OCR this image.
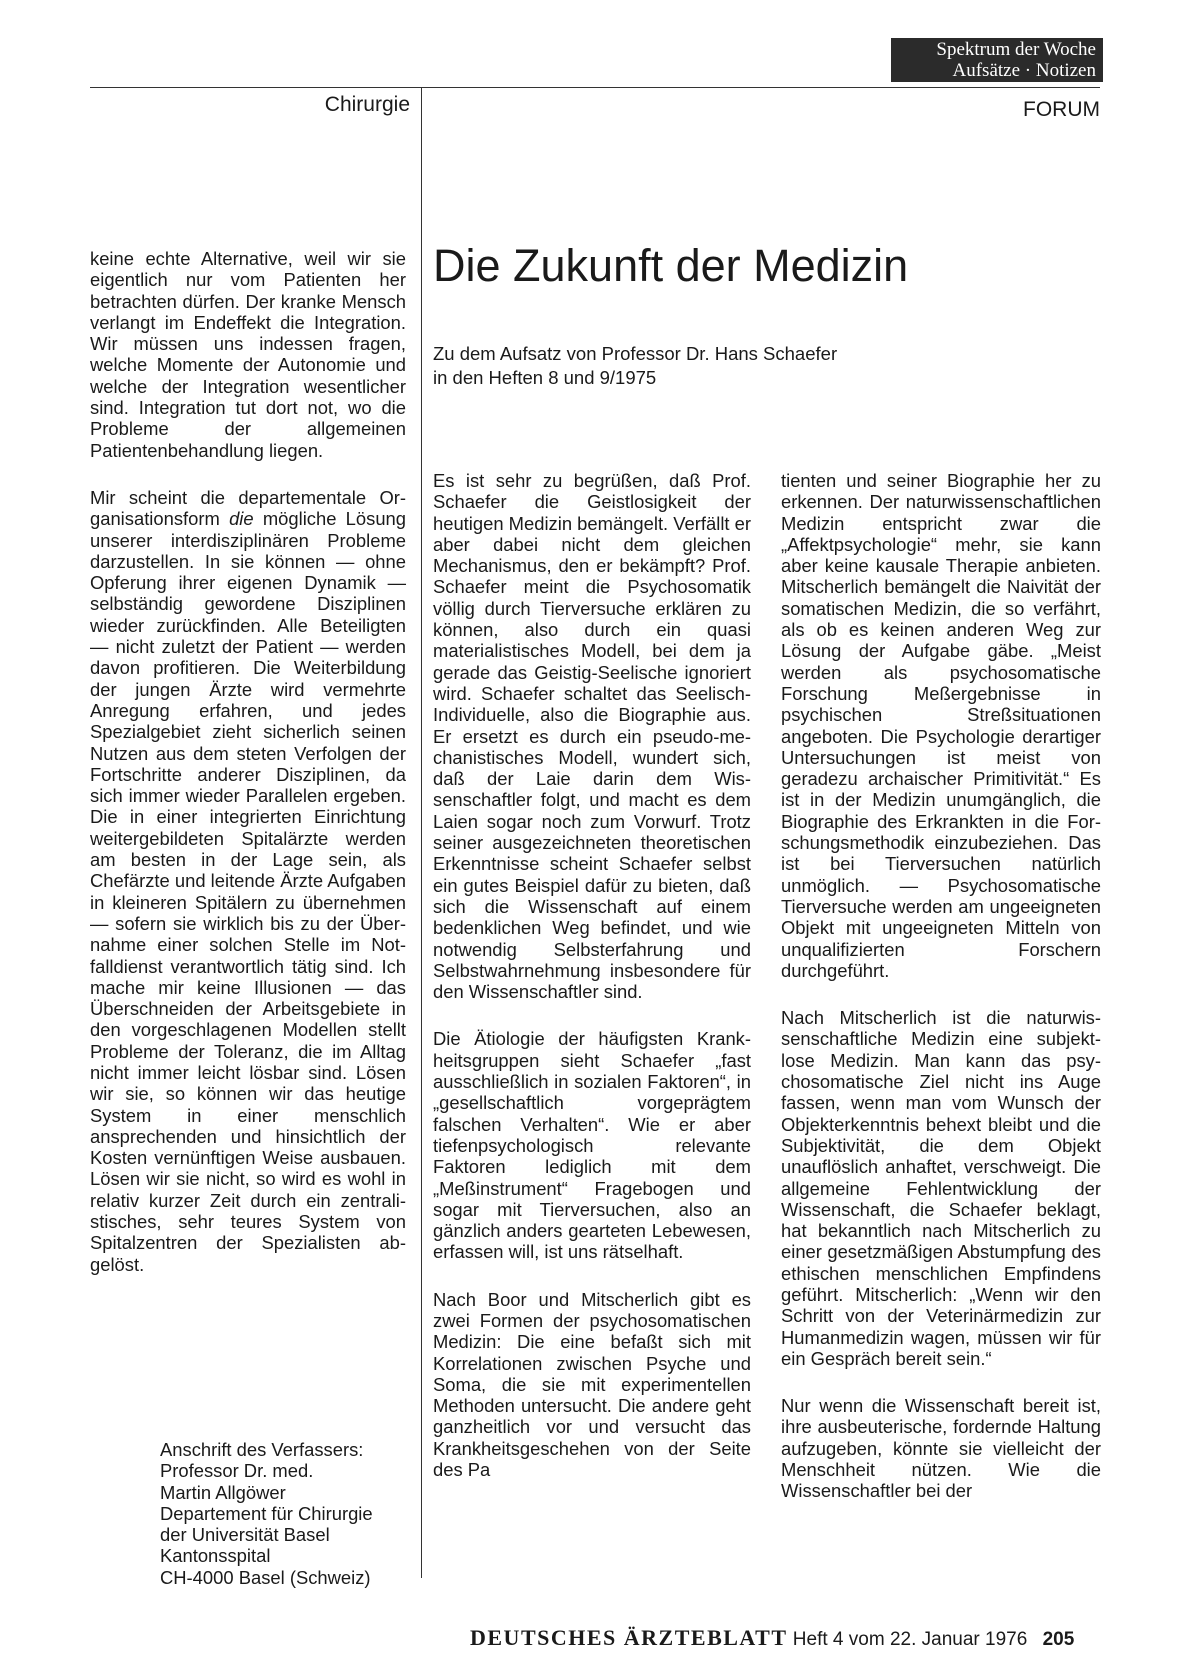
Spektrum der Woche
Aufsätze · Notizen
Chirurgie	FORUM
Die Zukunft der Medizin
Zu dem Aufsatz von Professor Dr. Hans Schaefer
in den Heften 8 und 9/1975

keine echte Alternative, weil wir sie eigentlich nur vom Patienten her betrachten dürfen. Der kranke Mensch verlangt im Endeffekt die Integration. Wir müssen uns indessen fragen, welche Momente der Autonomie und welche der Integration wesentlicher sind. Integration tut dort not, wo die Probleme der allgemeinen Patientenbehandlung liegen.

Mir scheint die departementale Organisationsform die mögliche Lösung unserer interdisziplinären Probleme darzustellen. In sie können — ohne Opferung ihrer eigenen Dynamik — selbständig gewordene Disziplinen wieder zurückfinden. Alle Beteiligten — nicht zuletzt der Patient — werden davon profitieren. Die Weiterbildung der jungen Ärzte wird vermehrte Anregung erfahren, und jedes Spezialgebiet zieht sicherlich seinen Nutzen aus dem steten Verfolgen der Fortschritte anderer Disziplinen, da sich immer wieder Parallelen ergeben. Die in einer integrierten Einrichtung weitergebildeten Spitalärzte werden am besten in der Lage sein, als Chefärzte und leitende Ärzte Aufgaben in kleineren Spitälern zu übernehmen — sofern sie wirklich bis zu der Übernahme einer solchen Stelle im Notfalldienst verantwortlich tätig sind. Ich mache mir keine Illusionen — das Überschneiden der Arbeitsgebiete in den vorgeschlagenen Modellen stellt Probleme der Toleranz, die im Alltag nicht immer leicht lösbar sind. Lösen wir sie, so können wir das heutige System in einer menschlich ansprechenden und hinsichtlich der Kosten vernünftigen Weise ausbauen. Lösen wir sie nicht, so wird es wohl in relativ kurzer Zeit durch ein zentralistisches, sehr teures System von Spitalzentren der Spezialisten abgelöst.

Anschrift des Verfassers:
Professor Dr. med.
Martin Allgöwer
Departement für Chirurgie
der Universität Basel
Kantonsspital
CH-4000 Basel (Schweiz)

Es ist sehr zu begrüßen, daß Prof. Schaefer die Geistlosigkeit der heutigen Medizin bemängelt. Verfällt er aber dabei nicht dem gleichen Mechanismus, den er bekämpft? Prof. Schaefer meint die Psychosomatik völlig durch Tierversuche erklären zu können, also durch ein quasi materialistisches Modell, bei dem ja gerade das Geistig-Seelische ignoriert wird. Schaefer schaltet das Seelisch-Individuelle, also die Biographie aus. Er ersetzt es durch ein pseudo-mechanistisches Modell, wundert sich, daß der Laie darin dem Wissenschaftler folgt, und macht es dem Laien sogar noch zum Vorwurf. Trotz seiner ausgezeichneten theoretischen Erkenntnisse scheint Schaefer selbst ein gutes Beispiel dafür zu bieten, daß sich die Wissenschaft auf einem bedenklichen Weg befindet, und wie notwendig Selbsterfahrung und Selbstwahrnehmung insbesondere für den Wissenschaftler sind.

Die Ätiologie der häufigsten Krankheitsgruppen sieht Schaefer „fast ausschließlich in sozialen Faktoren“, in „gesellschaftlich vorgeprägtem falschen Verhalten“. Wie er aber tiefenpsychologisch relevante Faktoren lediglich mit dem „Meßinstrument“ Fragebogen und sogar mit Tierversuchen, also an gänzlich anders gearteten Lebewesen, erfassen will, ist uns rätselhaft.

Nach Boor und Mitscherlich gibt es zwei Formen der psychosomatischen Medizin: Die eine befaßt sich mit Korrelationen zwischen Psyche und Soma, die sie mit experimentellen Methoden untersucht. Die andere geht ganzheitlich vor und versucht das Krankheitsgeschehen von der Seite des Pa

tienten und seiner Biographie her zu erkennen. Der naturwissenschaftlichen Medizin entspricht zwar die „Affektpsychologie“ mehr, sie kann aber keine kausale Therapie anbieten. Mitscherlich bemängelt die Naivität der somatischen Medizin, die so verfährt, als ob es keinen anderen Weg zur Lösung der Aufgabe gäbe. „Meist werden als psychosomatische Forschung Meßergebnisse in psychischen Streßsituationen angeboten. Die Psychologie derartiger Untersuchungen ist meist von geradezu archaischer Primitivität.“ Es ist in der Medizin unumgänglich, die Biographie des Erkrankten in die Forschungsmethodik einzubeziehen. Das ist bei Tierversuchen natürlich unmöglich. — Psychosomatische Tierversuche werden am ungeeigneten Objekt mit ungeeigneten Mitteln von unqualifizierten Forschern durchgeführt.

Nach Mitscherlich ist die naturwissenschaftliche Medizin eine subjektlose Medizin. Man kann das psychosomatische Ziel nicht ins Auge fassen, wenn man vom Wunsch der Objekterkenntnis behext bleibt und die Subjektivität, die dem Objekt unauflöslich anhaftet, verschweigt. Die allgemeine Fehlentwicklung der Wissenschaft, die Schaefer beklagt, hat bekanntlich nach Mitscherlich zu einer gesetzmäßigen Abstumpfung des ethischen menschlichen Empfindens geführt. Mitscherlich: „Wenn wir den Schritt von der Veterinärmedizin zur Humanmedizin wagen, müssen wir für ein Gespräch bereit sein.“

Nur wenn die Wissenschaft bereit ist, ihre ausbeuterische, fordernde Haltung aufzugeben, könnte sie vielleicht der Menschheit nützen. Wie die Wissenschaftler bei der

DEUTSCHES ÄRZTEBLATT Heft 4 vom 22. Januar 1976 205
